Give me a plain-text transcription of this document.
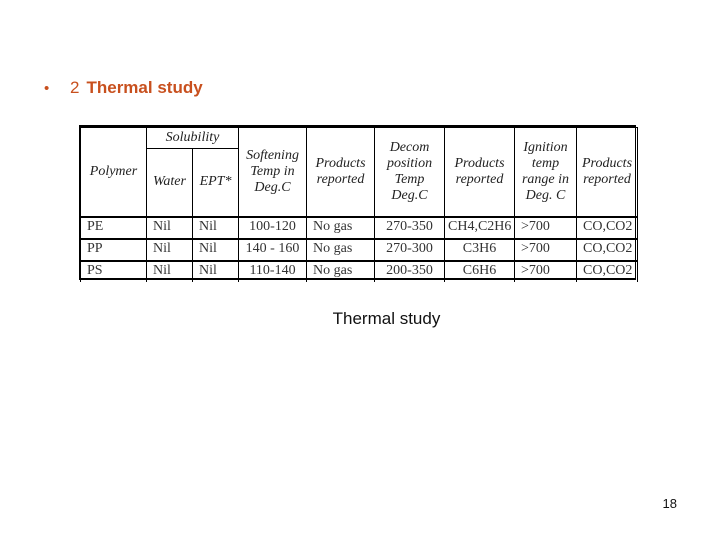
•	2 Thermal study
Polymer	Solubility		Softening Temp in Deg.C	Products reported	Decom position Temp Deg.C	Products reported	Ignition temp range in Deg. C	Products reported
	Water	EPT*						
PE	Nil	Nil	100-120	No gas	270-350	CH4,C2H6	>700	CO,CO2
PP	Nil	Nil	140 - 160	No gas	270-300	C3H6	>700	CO,CO2
PS	Nil	Nil	110-140	No gas	200-350	C6H6	>700	CO,CO2
Thermal study
18
